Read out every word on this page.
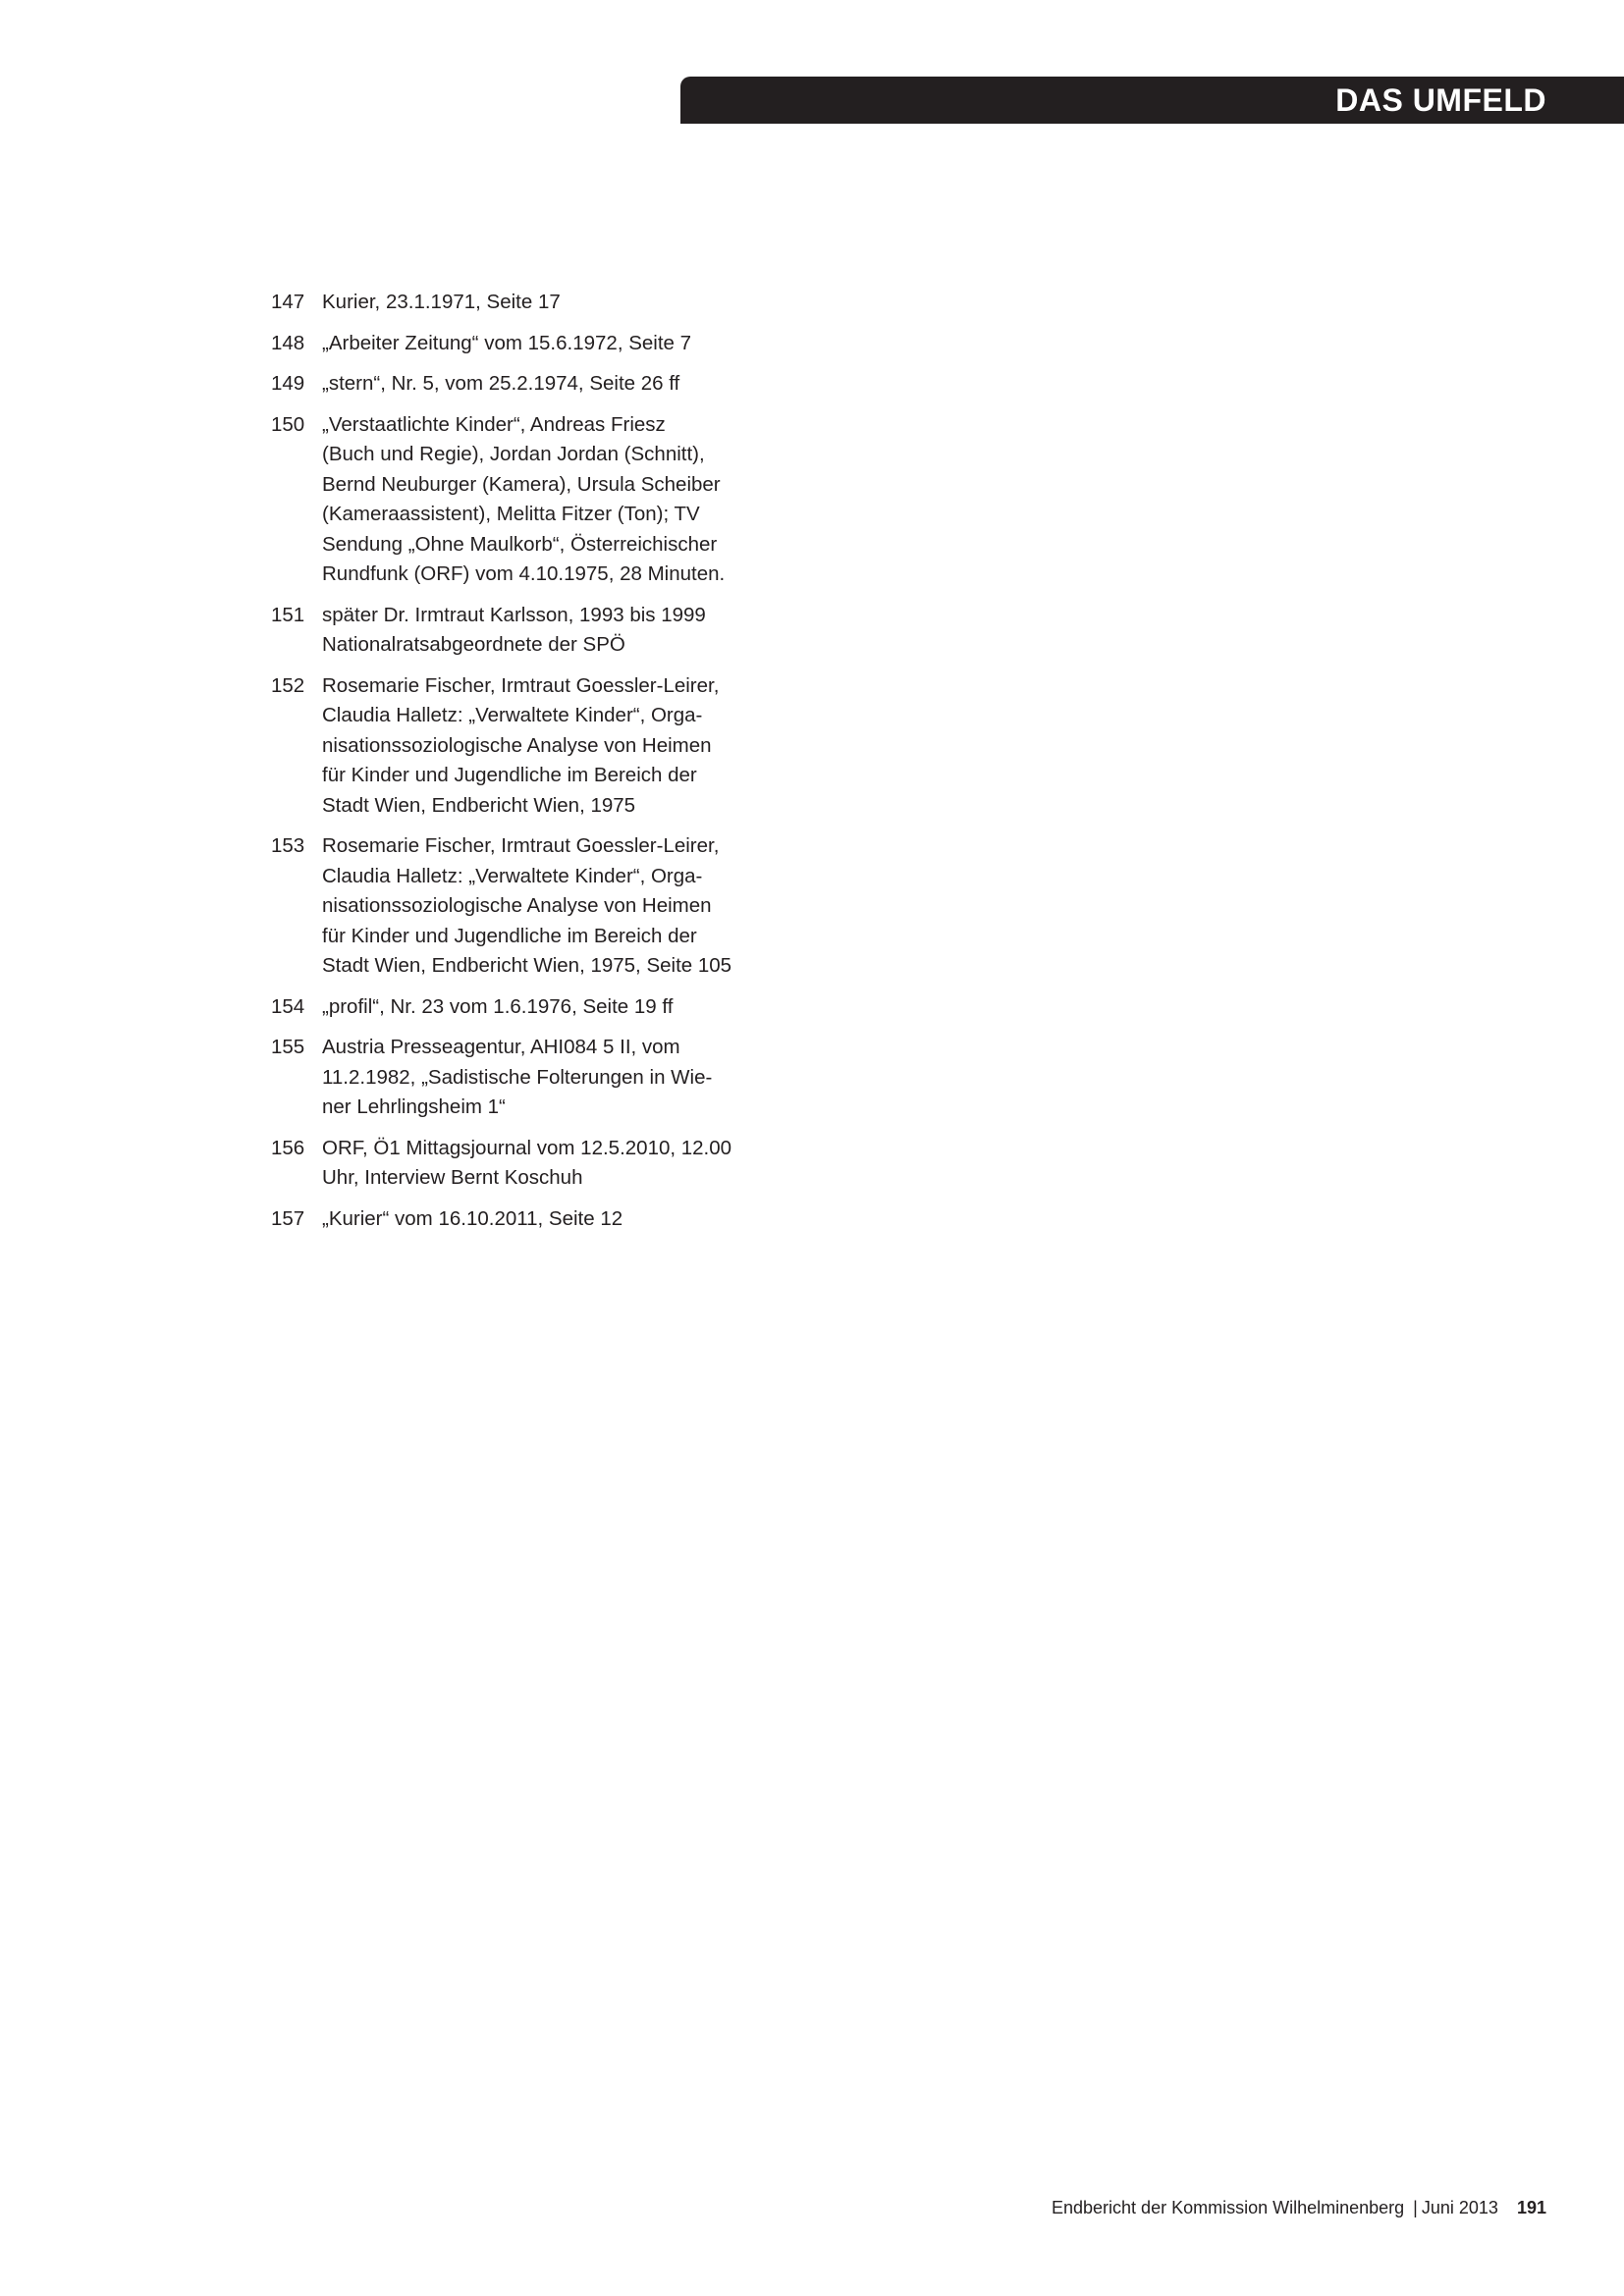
DAS UMFELD
147 Kurier, 23.1.1971, Seite 17
148 „Arbeiter Zeitung“ vom 15.6.1972, Seite 7
149 „stern“, Nr. 5, vom 25.2.1974, Seite 26 ff
150 „Verstaatlichte Kinder“, Andreas Friesz
(Buch und Regie), Jordan Jordan (Schnitt),
Bernd Neuburger (Kamera), Ursula Scheiber
(Kameraassistent), Melitta Fitzer (Ton); TV
Sendung „Ohne Maulkorb“, Österreichischer
Rundfunk (ORF) vom 4.10.1975, 28 Minuten.
151 später Dr. Irmtraut Karlsson, 1993 bis 1999
Nationalratsabgeordnete der SPÖ
152 Rosemarie Fischer, Irmtraut Goessler-Leirer,
Claudia Halletz: „Verwaltete Kinder“, Orga-
nisationssoziologische Analyse von Heimen
für Kinder und Jugendliche im Bereich der
Stadt Wien, Endbericht Wien, 1975
153 Rosemarie Fischer, Irmtraut Goessler-Leirer,
Claudia Halletz: „Verwaltete Kinder“, Orga-
nisationssoziologische Analyse von Heimen
für Kinder und Jugendliche im Bereich der
Stadt Wien, Endbericht Wien, 1975, Seite 105
154 „profil“, Nr. 23 vom 1.6.1976, Seite 19 ff
155 Austria Presseagentur, AHI084 5 II, vom
11.2.1982, „Sadistische Folterungen in Wie-
ner Lehrlingsheim 1“
156 ORF, Ö1 Mittagsjournal vom 12.5.2010, 12.00
Uhr, Interview Bernt Koschuh
157 „Kurier“ vom 16.10.2011, Seite 12
Endbericht der Kommission Wilhelminenberg | Juni 2013 191
